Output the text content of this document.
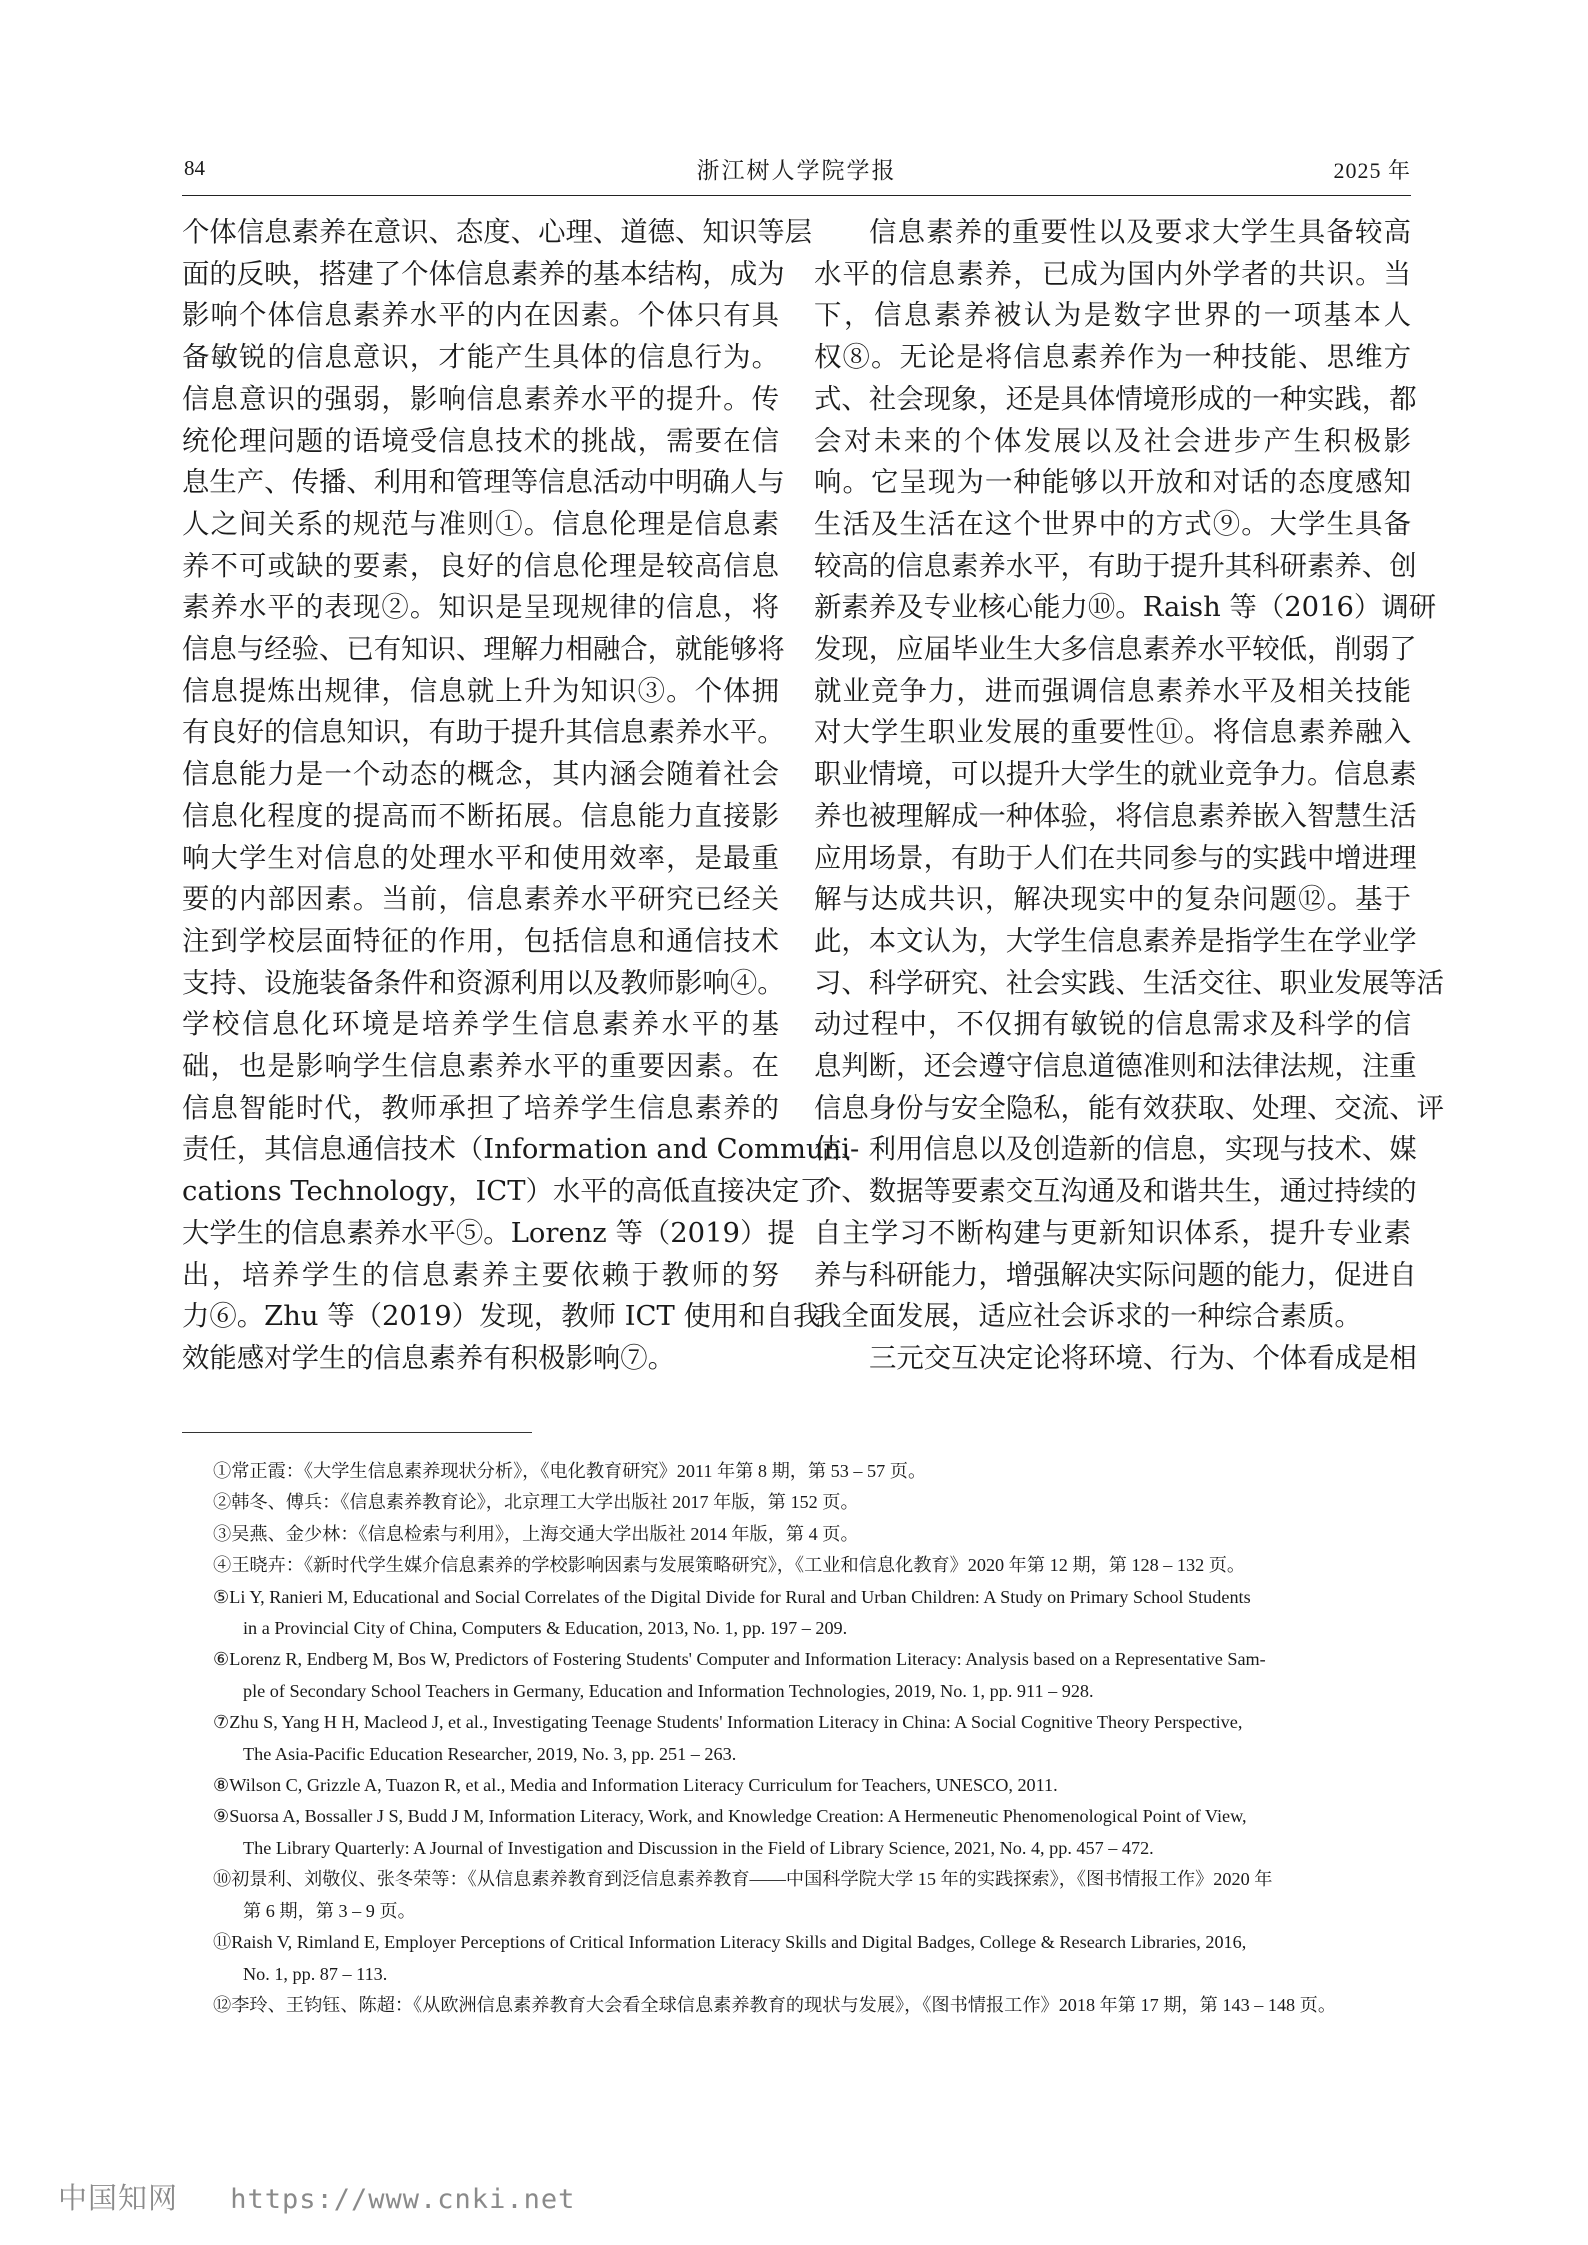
84	浙江树人学院学报	2025 年

个体信息素养在意识、态度、心理、道德、知识等层
面的反映，搭建了个体信息素养的基本结构，成为
影响个体信息素养水平的内在因素。个体只有具
备敏锐的信息意识，才能产生具体的信息行为。
信息意识的强弱，影响信息素养水平的提升。传
统伦理问题的语境受信息技术的挑战，需要在信
息生产、传播、利用和管理等信息活动中明确人与
人之间关系的规范与准则①。信息伦理是信息素
养不可或缺的要素，良好的信息伦理是较高信息
素养水平的表现②。知识是呈现规律的信息，将
信息与经验、已有知识、理解力相融合，就能够将
信息提炼出规律，信息就上升为知识③。个体拥
有良好的信息知识，有助于提升其信息素养水平。
信息能力是一个动态的概念，其内涵会随着社会
信息化程度的提高而不断拓展。信息能力直接影
响大学生对信息的处理水平和使用效率，是最重
要的内部因素。当前，信息素养水平研究已经关
注到学校层面特征的作用，包括信息和通信技术
支持、设施装备条件和资源利用以及教师影响④。
学校信息化环境是培养学生信息素养水平的基
础，也是影响学生信息素养水平的重要因素。在
信息智能时代，教师承担了培养学生信息素养的
责任，其信息通信技术（Information and Communi-
cations Technology，ICT）水平的高低直接决定了
大学生的信息素养水平⑤。Lorenz 等（2019）提
出，培养学生的信息素养主要依赖于教师的努
力⑥。Zhu 等（2019）发现，教师 ICT 使用和自我
效能感对学生的信息素养有积极影响⑦。

信息素养的重要性以及要求大学生具备较高
水平的信息素养，已成为国内外学者的共识。当
下，信息素养被认为是数字世界的一项基本人
权⑧。无论是将信息素养作为一种技能、思维方
式、社会现象，还是具体情境形成的一种实践，都
会对未来的个体发展以及社会进步产生积极影
响。它呈现为一种能够以开放和对话的态度感知
生活及生活在这个世界中的方式⑨。大学生具备
较高的信息素养水平，有助于提升其科研素养、创
新素养及专业核心能力⑩。Raish 等（2016）调研
发现，应届毕业生大多信息素养水平较低，削弱了
就业竞争力，进而强调信息素养水平及相关技能
对大学生职业发展的重要性⑪。将信息素养融入
职业情境，可以提升大学生的就业竞争力。信息素
养也被理解成一种体验，将信息素养嵌入智慧生活
应用场景，有助于人们在共同参与的实践中增进理
解与达成共识，解决现实中的复杂问题⑫。基于
此，本文认为，大学生信息素养是指学生在学业学
习、科学研究、社会实践、生活交往、职业发展等活
动过程中，不仅拥有敏锐的信息需求及科学的信
息判断，还会遵守信息道德准则和法律法规，注重
信息身份与安全隐私，能有效获取、处理、交流、评
估、利用信息以及创造新的信息，实现与技术、媒
介、数据等要素交互沟通及和谐共生，通过持续的
自主学习不断构建与更新知识体系，提升专业素
养与科研能力，增强解决实际问题的能力，促进自
我全面发展，适应社会诉求的一种综合素质。

三元交互决定论将环境、行为、个体看成是相

①常正霞：《大学生信息素养现状分析》，《电化教育研究》2011 年第 8 期，第 53 – 57 页。
②韩冬、傅兵：《信息素养教育论》，北京理工大学出版社 2017 年版，第 152 页。
③吴燕、金少林：《信息检索与利用》，上海交通大学出版社 2014 年版，第 4 页。
④王晓卉：《新时代学生媒介信息素养的学校影响因素与发展策略研究》，《工业和信息化教育》2020 年第 12 期，第 128 – 132 页。
⑤Li Y, Ranieri M, Educational and Social Correlates of the Digital Divide for Rural and Urban Children: A Study on Primary School Students
in a Provincial City of China, Computers & Education, 2013, No. 1, pp. 197 – 209.
⑥Lorenz R, Endberg M, Bos W, Predictors of Fostering Students' Computer and Information Literacy: Analysis based on a Representative Sam-
ple of Secondary School Teachers in Germany, Education and Information Technologies, 2019, No. 1, pp. 911 – 928.
⑦Zhu S, Yang H H, Macleod J, et al., Investigating Teenage Students' Information Literacy in China: A Social Cognitive Theory Perspective,
The Asia-Pacific Education Researcher, 2019, No. 3, pp. 251 – 263.
⑧Wilson C, Grizzle A, Tuazon R, et al., Media and Information Literacy Curriculum for Teachers, UNESCO, 2011.
⑨Suorsa A, Bossaller J S, Budd J M, Information Literacy, Work, and Knowledge Creation: A Hermeneutic Phenomenological Point of View,
The Library Quarterly: A Journal of Investigation and Discussion in the Field of Library Science, 2021, No. 4, pp. 457 – 472.
⑩初景利、刘敬仪、张冬荣等：《从信息素养教育到泛信息素养教育——中国科学院大学 15 年的实践探索》，《图书情报工作》2020 年
第 6 期，第 3 – 9 页。
⑪Raish V, Rimland E, Employer Perceptions of Critical Information Literacy Skills and Digital Badges, College & Research Libraries, 2016,
No. 1, pp. 87 – 113.
⑫李玲、王钧钰、陈超：《从欧洲信息素养教育大会看全球信息素养教育的现状与发展》，《图书情报工作》2018 年第 17 期，第 143 – 148 页。
中国知网 https://www.cnki.net
